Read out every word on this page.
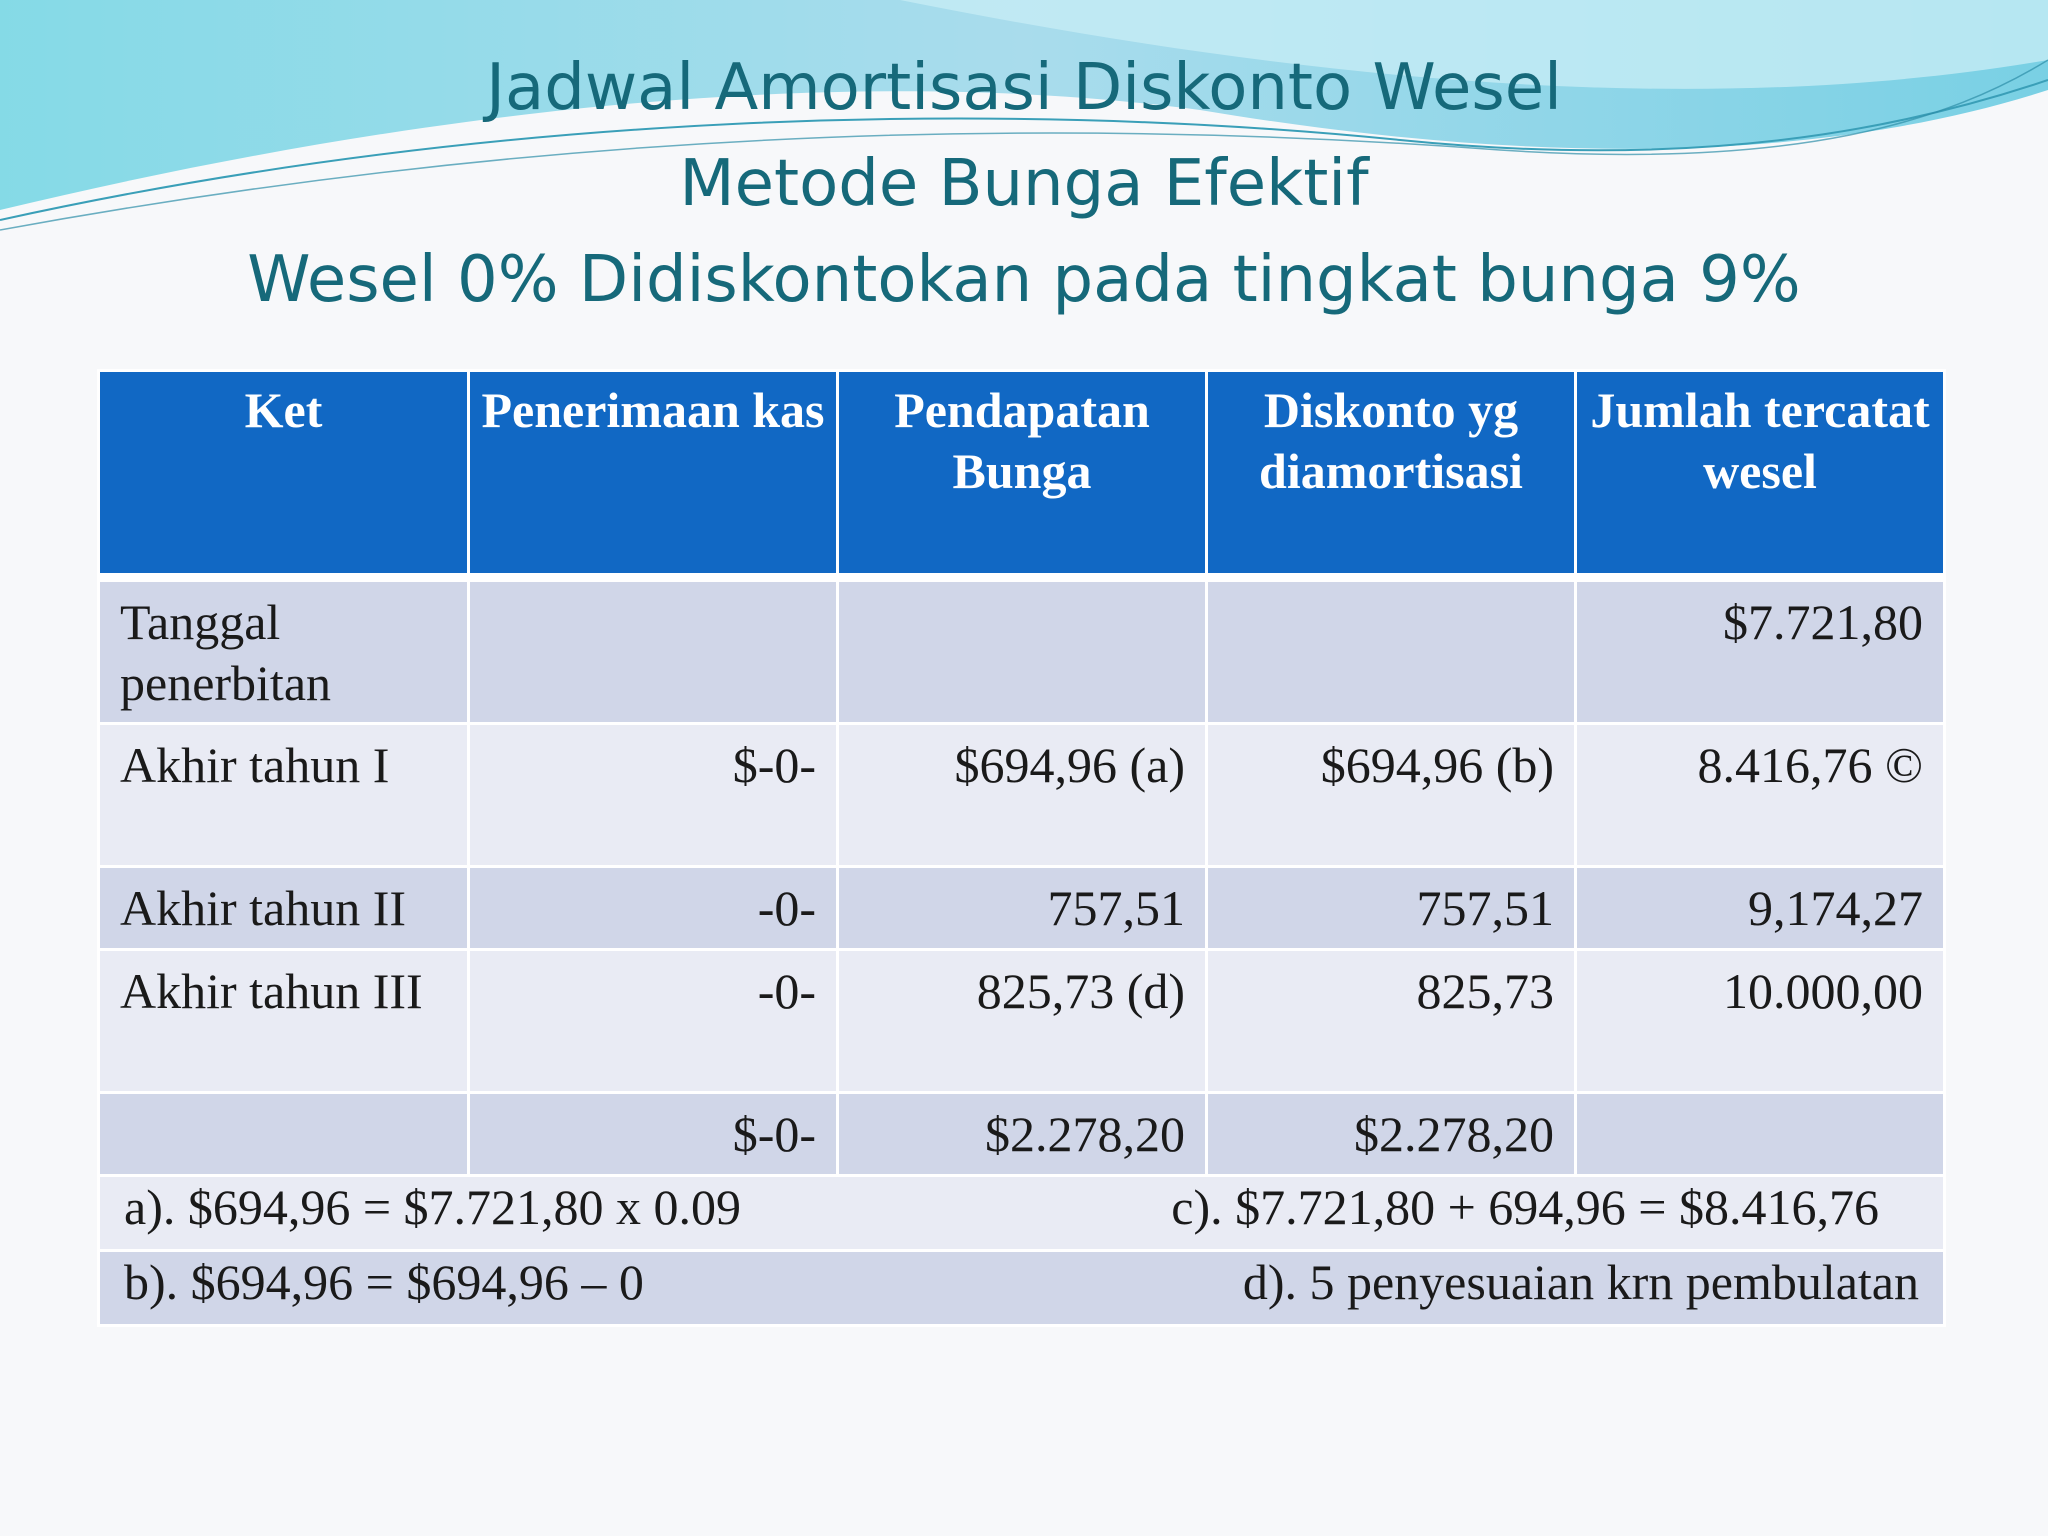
Jadwal Amortisasi Diskonto Wesel
Metode Bunga Efektif
Wesel 0% Didiskontokan pada tingkat bunga 9%
Ket	Penerimaan kas	Pendapatan Bunga	Diskonto yg diamortisasi	Jumlah tercatat wesel
Tanggal penerbitan				$7.721,80
Akhir tahun I	$-0-	$694,96 (a)	$694,96 (b)	8.416,76 ©
Akhir tahun II	-0-	757,51	757,51	9,174,27
Akhir tahun III	-0-	825,73 (d)	825,73	10.000,00
	$-0-	$2.278,20	$2.278,20	

a). $694,96 = $7.721,80 x 0.09 c). $7.721,80 + 694,96 = $8.416,76				

b). $694,96 = $694,96 – 0 d). 5 penyesuaian krn pembulatan				
